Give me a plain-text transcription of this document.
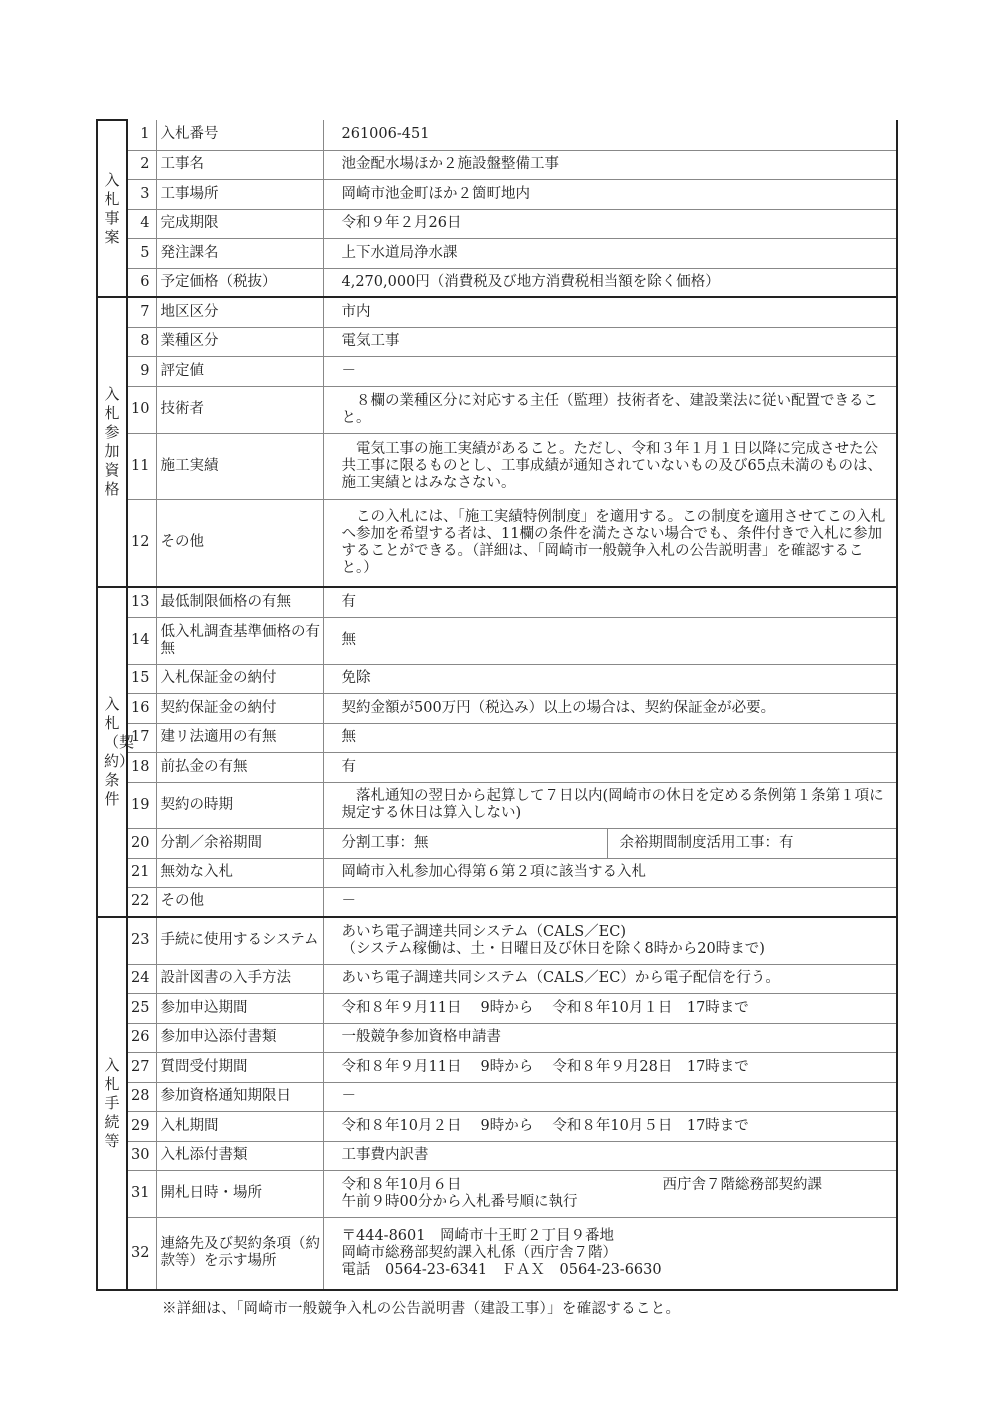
入札事案	1	入札番号	261006-451
	2	工事名	池金配水場ほか２施設盤整備工事
	3	工事場所	岡崎市池金町ほか２箇町地内
	4	完成期限	令和９年２月26日
	5	発注課名	上下水道局浄水課
	6	予定価格（税抜）	4,270,000円（消費税及び地方消費税相当額を除く価格）
入札参加資格	7	地区区分	市内
	8	業種区分	電気工事
	9	評定値	－
	10	技術者	８欄の業種区分に対応する主任（監理）技術者を、建設業法に従い配置できること。

	11	施工実績	電気工事の施工実績があること。ただし、令和３年１月１日以降に完成させた公共工事に限るものとし、工事成績が通知されていないもの及び65点未満のものは、施工実績とはみなさない。

	12	その他	この入札には、「施工実績特例制度」を適用する。この制度を適用させてこの入札へ参加を希望する者は、11欄の条件を満たさない場合でも、条件付きで入札に参加することができる。（詳細は、「岡崎市一般競争入札の公告説明書」を確認すること。）

入札（契約）条件	13	最低制限価格の有無	有
	14	低入札調査基準価格の有無	無
	15	入札保証金の納付	免除
	16	契約保証金の納付	契約金額が500万円（税込み）以上の場合は、契約保証金が必要。
	17	建リ法適用の有無	無
	18	前払金の有無	有
	19	契約の時期	落札通知の翌日から起算して７日以内(岡崎市の休日を定める条例第１条第１項に規定する休日は算入しない)

	20	分割／余裕期間	分割工事：無 余裕期間制度活用工事：有

	21	無効な入札	岡崎市入札参加心得第６第２項に該当する入札
	22	その他	－
入札手続等	23	手続に使用するシステム	あいち電子調達共同システム（CALS／EC)
（システム稼働は、土・日曜日及び休日を除く8時から20時まで)

	24	設計図書の入手方法	あいち電子調達共同システム（CALS／EC）から電子配信を行う。
	25	参加申込期間	令和８年９月11日　 9時から　 令和８年10月１日　17時まで
	26	参加申込添付書類	一般競争参加資格申請書
	27	質問受付期間	令和８年９月11日　 9時から　 令和８年９月28日　17時まで
	28	参加資格通知期限日	－
	29	入札期間	令和８年10月２日　 9時から　 令和８年10月５日　17時まで
	30	入札添付書類	工事費内訳書
	31	開札日時・場所	令和８年10月６日 西庁舎７階総務部契約課
午前９時00分から入札番号順に執行

	32	連絡先及び契約条項（約款等）を示す場所	〒444-8601　岡崎市十王町２丁目９番地
岡崎市総務部契約課入札係（西庁舎７階）
電話　0564-23-6341　ＦＡＸ　0564-23-6630
※詳細は、「岡崎市一般競争入札の公告説明書（建設工事）」を確認すること。
